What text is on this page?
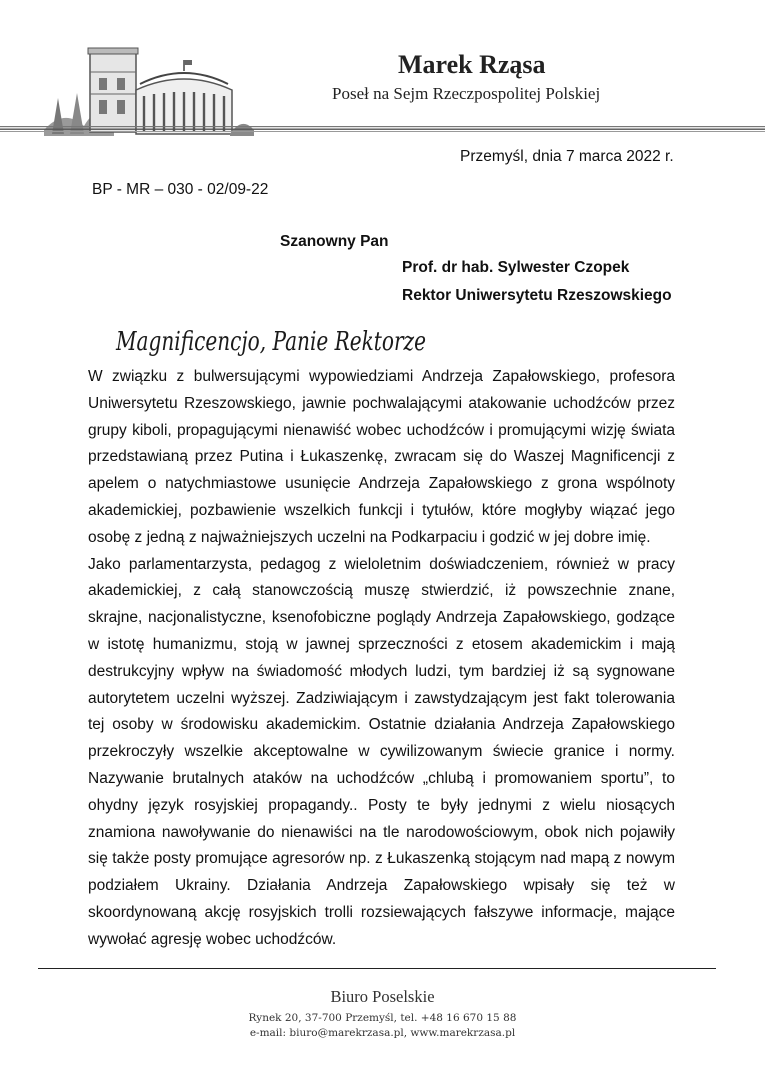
Marek Rząsa
Poseł na Sejm Rzeczpospolitej Polskiej
Przemyśl, dnia 7 marca 2022 r.
BP - MR – 030 - 02/09-22
Szanowny Pan
Prof. dr hab. Sylwester Czopek
Rektor Uniwersytetu Rzeszowskiego
Magnificencjo, Panie Rektorze

W związku z bulwersującymi wypowiedziami Andrzeja Zapałowskiego, profesora Uniwersytetu Rzeszowskiego, jawnie pochwalającymi atakowanie uchodźców przez grupy kiboli, propagującymi nienawiść wobec uchodźców i promującymi wizję świata przedstawianą przez Putina i Łukaszenkę, zwracam się do Waszej Magnificencji z apelem o natychmiastowe usunięcie Andrzeja Zapałowskiego z grona wspólnoty akademickiej, pozbawienie wszelkich funkcji i tytułów, które mogłyby wiązać jego osobę z jedną z najważniejszych uczelni na Podkarpaciu i godzić w jej dobre imię.

Jako parlamentarzysta, pedagog z wieloletnim doświadczeniem, również w pracy akademickiej, z całą stanowczością muszę stwierdzić, iż powszechnie znane, skrajne, nacjonalistyczne, ksenofobiczne poglądy Andrzeja Zapałowskiego, godzące w istotę humanizmu, stoją w jawnej sprzeczności z etosem akademickim i mają destrukcyjny wpływ na świadomość młodych ludzi, tym bardziej iż są sygnowane autorytetem uczelni wyższej. Zadziwiającym i zawstydzającym jest fakt tolerowania tej osoby w środowisku akademickim. Ostatnie działania Andrzeja Zapałowskiego przekroczyły wszelkie akceptowalne w cywilizowanym świecie granice i normy. Nazywanie brutalnych ataków na uchodźców „chlubą i promowaniem sportu”, to ohydny język rosyjskiej propagandy.. Posty te były jednymi z wielu niosących znamiona nawoływanie do nienawiści na tle narodowościowym, obok nich pojawiły się także posty promujące agresorów np. z Łukaszenką stojącym nad mapą z nowym podziałem Ukrainy. Działania Andrzeja Zapałowskiego wpisały się też w skoordynowaną akcję rosyjskich trolli rozsiewających fałszywe informacje, mające wywołać agresję wobec uchodźców.

Biuro Poselskie
Rynek 20, 37-700 Przemyśl, tel. +48 16 670 15 88
e-mail: biuro@marekrzasa.pl, www.marekrzasa.pl
